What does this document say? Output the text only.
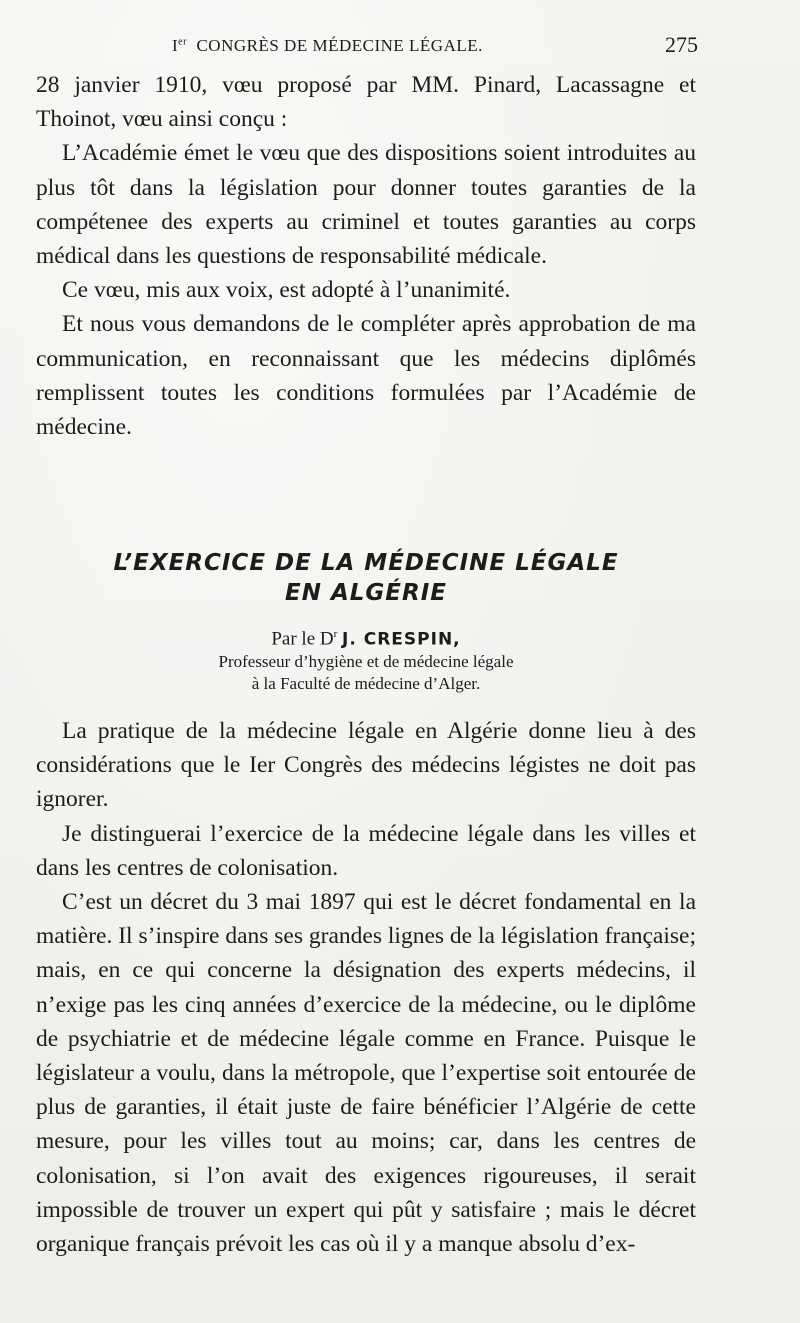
Ier CONGRÈS DE MÉDECINE LÉGALE.	275

28 janvier 1910, vœu proposé par MM. Pinard, Lacassagne et Thoinot, vœu ainsi conçu :

L’Académie émet le vœu que des dispositions soient introduites au plus tôt dans la législation pour donner toutes garanties de la compétenee des experts au criminel et toutes garanties au corps médical dans les questions de responsabilité médicale.

Ce vœu, mis aux voix, est adopté à l’unanimité.

Et nous vous demandons de le compléter après approbation de ma communication, en reconnaissant que les médecins diplômés remplissent toutes les conditions formulées par l’Académie de médecine.

L’EXERCICE DE LA MÉDECINE LÉGALE
EN ALGÉRIE
Par le $D^r$ J. CRESPIN,
Professeur d’hygiène et de médecine légale
à la Faculté de médecine d’Alger.

La pratique de la médecine légale en Algérie donne lieu à des considérations que le Ier Congrès des médecins légistes ne doit pas ignorer.

Je distinguerai l’exercice de la médecine légale dans les villes et dans les centres de colonisation.

C’est un décret du 3 mai 1897 qui est le décret fondamental en la matière. Il s’inspire dans ses grandes lignes de la législation française; mais, en ce qui concerne la désignation des experts médecins, il n’exige pas les cinq années d’exercice de la médecine, ou le diplôme de psychiatrie et de médecine légale comme en France. Puisque le législateur a voulu, dans la métropole, que l’expertise soit entourée de plus de garanties, il était juste de faire bénéficier l’Algérie de cette mesure, pour les villes tout au moins; car, dans les centres de colonisation, si l’on avait des exigences rigoureuses, il serait impossible de trouver un expert qui pût y satisfaire ; mais le décret organique français prévoit les cas où il y a manque absolu d’ex-
